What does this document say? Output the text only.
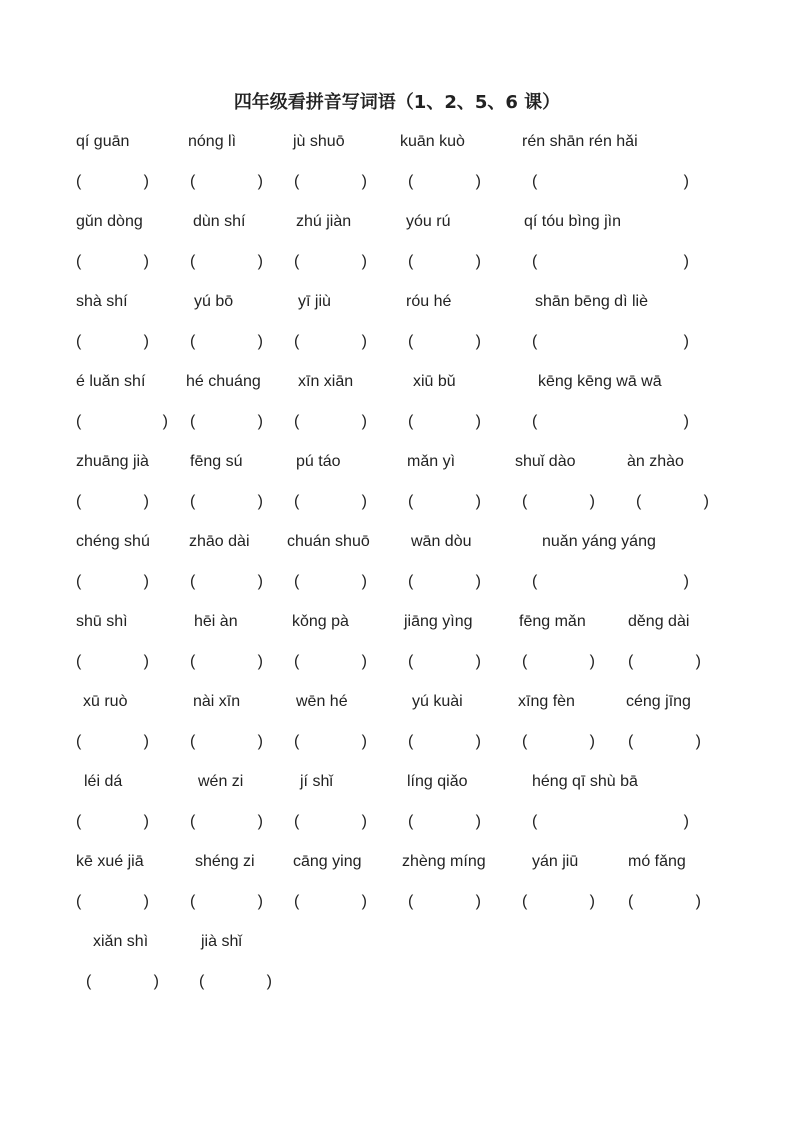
四年级看拼音写词语（1、2、5、6 课）
qí guān
(	)
nóng lì
(	)
jù shuō
(	)
kuān kuò
(	)
rén shān rén hǎi
(	)
gǔn dòng
(	)
dùn shí
(	)
zhú jiàn
(	)
yóu rú
(	)
qí tóu bìng jìn
(	)
shà shí
(	)
yú bō
(	)
yī jiù
(	)
róu hé
(	)
shān bēng dì liè
(	)
é luǎn shí
(	)
hé chuáng
(	)
xīn xiān
(	)
xiū bǔ
(	)
kēng kēng wā wā
(	)
zhuāng jià
(	)
fēng sú
(	)
pú táo
(	)
mǎn yì
(	)
shuǐ dào
(	)
àn zhào
(	)
chéng shú
(	)
zhāo dài
(	)
chuán shuō
(	)
wān dòu
(	)
nuǎn yáng yáng
(	)
shū shì
(	)
hēi àn
(	)
kǒng pà
(	)
jiāng yìng
(	)
fēng mǎn
(	)
děng dài
(	)
xū ruò
(	)
nài xīn
(	)
wēn hé
(	)
yú kuài
(	)
xīng fèn
(	)
céng jīng
(	)
léi dá
(	)
wén zi
(	)
jí shǐ
(	)
líng qiǎo
(	)
héng qī shù bā
(	)
kē xué jiā
(	)
shéng zi
(	)
cāng ying
(	)
zhèng míng
(	)
yán jiū
(	)
mó fǎng
(	)
xiǎn shì
(	)
jià shǐ
(	)
